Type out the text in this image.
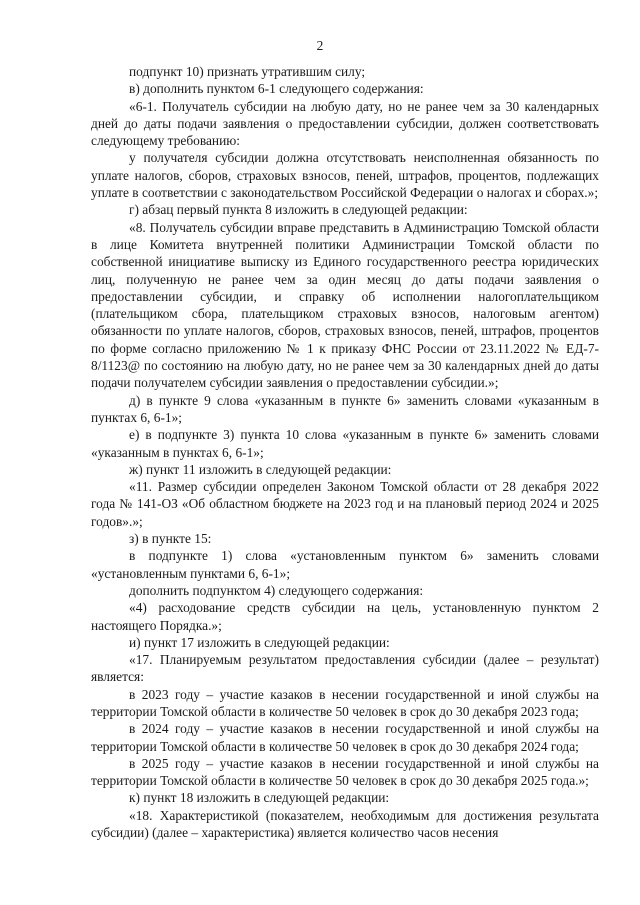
2

подпункт 10) признать утратившим силу;

в) дополнить пунктом 6-1 следующего содержания:

«6-1. Получатель субсидии на любую дату, но не ранее чем за 30 календарных дней до даты подачи заявления о предоставлении субсидии, должен соответствовать следующему требованию:

у получателя субсидии должна отсутствовать неисполненная обязанность по уплате налогов, сборов, страховых взносов, пеней, штрафов, процентов, подлежащих уплате в соответствии с законодательством Российской Федерации о налогах и сборах.»;

г) абзац первый пункта 8 изложить в следующей редакции:

«8. Получатель субсидии вправе представить в Администрацию Томской области в лице Комитета внутренней политики Администрации Томской области по собственной инициативе выписку из Единого государственного реестра юридических лиц, полученную не ранее чем за один месяц до даты подачи заявления о предоставлении субсидии, и справку об исполнении налогоплательщиком (плательщиком сбора, плательщиком страховых взносов, налоговым агентом) обязанности по уплате налогов, сборов, страховых взносов, пеней, штрафов, процентов по форме согласно приложению № 1 к приказу ФНС России от 23.11.2022 № ЕД-7-8/1123@ по состоянию на любую дату, но не ранее чем за 30 календарных дней до даты подачи получателем субсидии заявления о предоставлении субсидии.»;

д) в пункте 9 слова «указанным в пункте 6» заменить словами «указанным в пунктах 6, 6-1»;

е) в подпункте 3) пункта 10 слова «указанным в пункте 6» заменить словами «указанным в пунктах 6, 6-1»;

ж) пункт 11 изложить в следующей редакции:

«11. Размер субсидии определен Законом Томской области от 28 декабря 2022 года № 141-ОЗ «Об областном бюджете на 2023 год и на плановый период 2024 и 2025 годов».»;

з) в пункте 15:

в подпункте 1) слова «установленным пунктом 6» заменить словами «установленным пунктами 6, 6-1»;

дополнить подпунктом 4) следующего содержания:

«4) расходование средств субсидии на цель, установленную пунктом 2 настоящего Порядка.»;

и) пункт 17 изложить в следующей редакции:

«17. Планируемым результатом предоставления субсидии (далее – результат) является:

в 2023 году – участие казаков в несении государственной и иной службы на территории Томской области в количестве 50 человек в срок до 30 декабря 2023 года;

в 2024 году – участие казаков в несении государственной и иной службы на территории Томской области в количестве 50 человек в срок до 30 декабря 2024 года;

в 2025 году – участие казаков в несении государственной и иной службы на территории Томской области в количестве 50 человек в срок до 30 декабря 2025 года.»;

к) пункт 18 изложить в следующей редакции:

«18. Характеристикой (показателем, необходимым для достижения результата субсидии) (далее – характеристика) является количество часов несения
